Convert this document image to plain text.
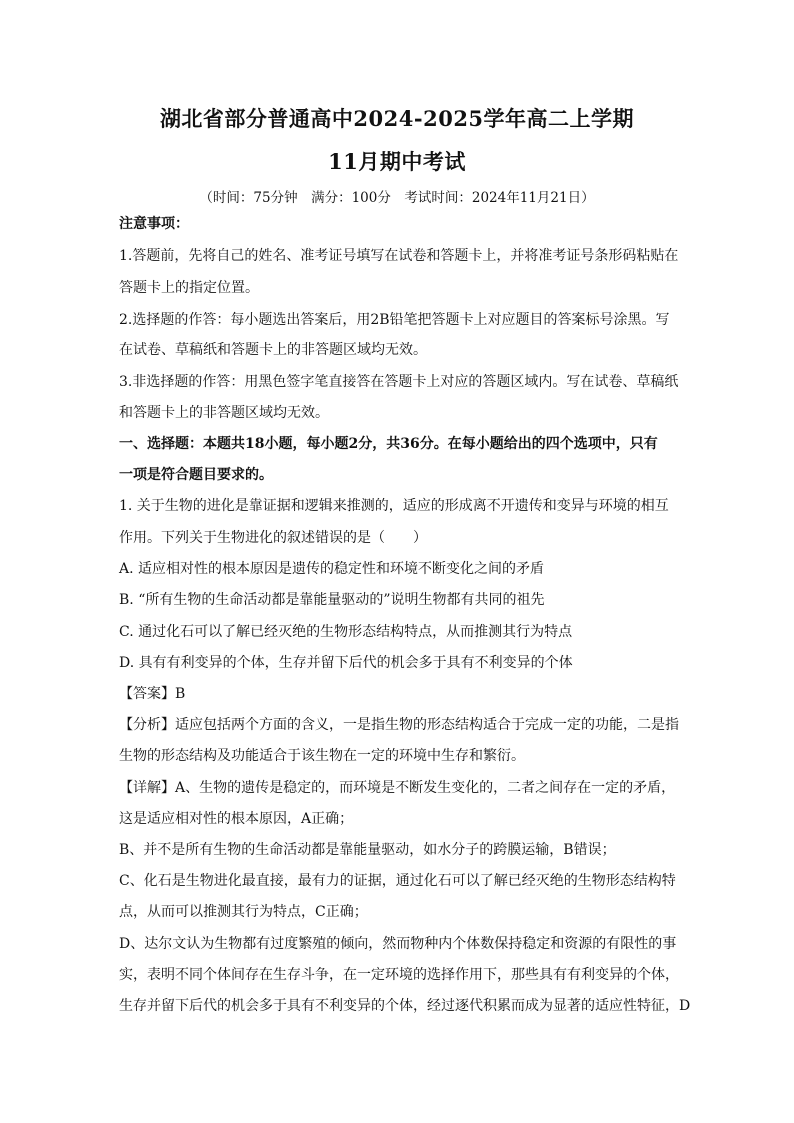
湖北省部分普通高中2024-2025学年高二上学期
11月期中考试
（时间：75分钟　满分：100分　考试时间：2024年11月21日）
注意事项：
1.答题前，先将自己的姓名、准考证号填写在试卷和答题卡上，并将准考证号条形码粘贴在
答题卡上的指定位置。
2.选择题的作答：每小题选出答案后，用2B铅笔把答题卡上对应题目的答案标号涂黑。写
在试卷、草稿纸和答题卡上的非答题区域均无效。
3.非选择题的作答：用黑色签字笔直接答在答题卡上对应的答题区域内。写在试卷、草稿纸
和答题卡上的非答题区域均无效。
一、选择题：本题共18小题，每小题2分，共36分。在每小题给出的四个选项中，只有
一项是符合题目要求的。
1. 关于生物的进化是靠证据和逻辑来推测的，适应的形成离不开遗传和变异与环境的相互
作用。下列关于生物进化的叙述错误的是（　　）
A. 适应相对性的根本原因是遗传的稳定性和环境不断变化之间的矛盾
B. “所有生物的生命活动都是靠能量驱动的”说明生物都有共同的祖先
C. 通过化石可以了解已经灭绝的生物形态结构特点，从而推测其行为特点
D. 具有有利变异的个体，生存并留下后代的机会多于具有不利变异的个体
【答案】B
【分析】适应包括两个方面的含义，一是指生物的形态结构适合于完成一定的功能，二是指
生物的形态结构及功能适合于该生物在一定的环境中生存和繁衍。
【详解】A、生物的遗传是稳定的，而环境是不断发生变化的，二者之间存在一定的矛盾，
这是适应相对性的根本原因，A正确；
B、并不是所有生物的生命活动都是靠能量驱动，如水分子的跨膜运输，B错误；
C、化石是生物进化最直接，最有力的证据，通过化石可以了解已经灭绝的生物形态结构特
点，从而可以推测其行为特点，C正确；
D、达尔文认为生物都有过度繁殖的倾向，然而物种内个体数保持稳定和资源的有限性的事
实，表明不同个体间存在生存斗争，在一定环境的选择作用下，那些具有有利变异的个体，
生存并留下后代的机会多于具有不利变异的个体，经过逐代积累而成为显著的适应性特征，D
